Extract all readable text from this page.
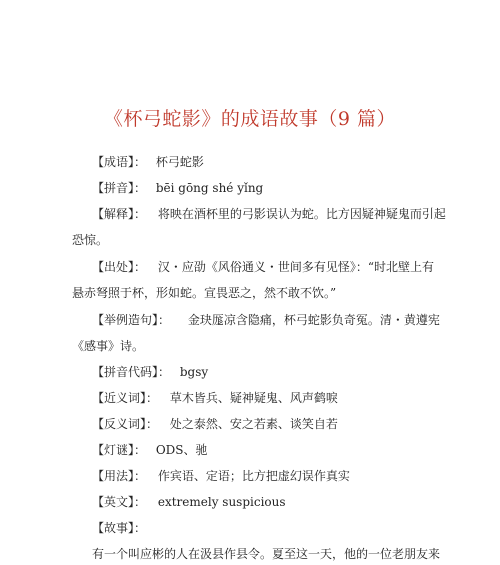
《杯弓蛇影》的成语故事（9 篇）
【成语】： 杯弓蛇影
【拼音】： bēi gōng shé yǐng
【解释】： 将映在酒杯里的弓影误认为蛇。比方因疑神疑鬼而引起
恐惊。
【出处】： 汉・应劭《风俗通义・世间多有见怪》：“时北壁上有
悬赤弩照于杯，形如蛇。宣畏恶之，然不敢不饮。”
【举例造句】： 金玦厖凉含隐痛，杯弓蛇影负奇冤。清・黄遵宪
《感事》诗。
【拼音代码】： bgsy
【近义词】： 草木皆兵、疑神疑鬼、风声鹤唳
【反义词】： 处之泰然、安之若素、谈笑自若
【灯谜】： ODS、驰
【用法】： 作宾语、定语；比方把虚幻误作真实
【英文】： extremely suspicious
【故事】：
有一个叫应彬的人在汲县作县令。夏至这一天，他的一位老朋友来
